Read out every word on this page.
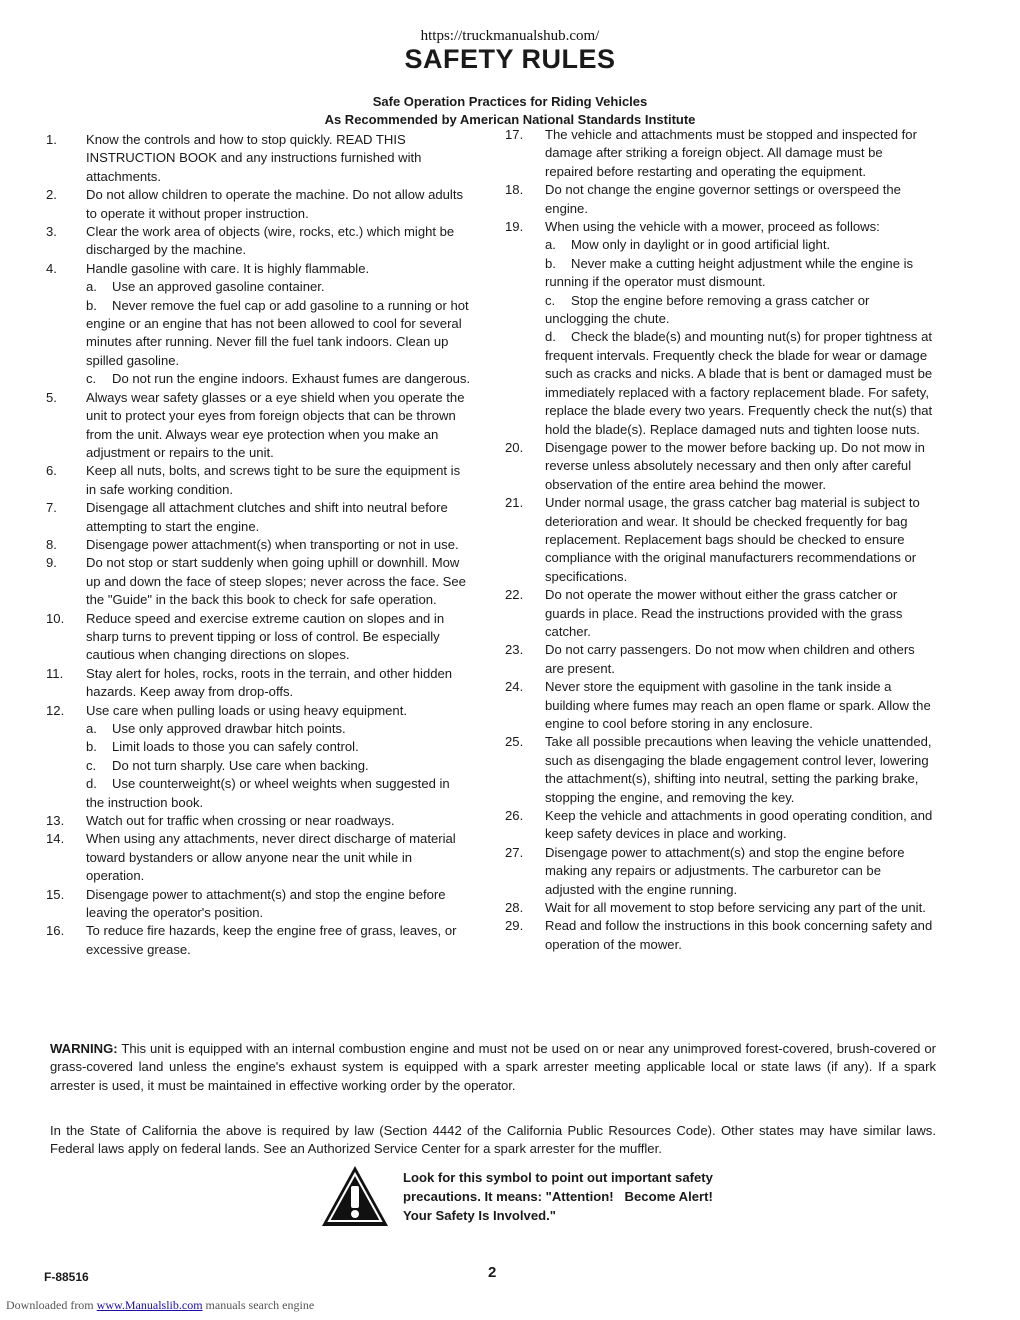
https://truckmanualshub.com/
SAFETY RULES
Safe Operation Practices for Riding Vehicles
As Recommended by American National Standards Institute
1. Know the controls and how to stop quickly. READ THIS INSTRUCTION BOOK and any instructions furnished with attachments.
2. Do not allow children to operate the machine. Do not allow adults to operate it without proper instruction.
3. Clear the work area of objects (wire, rocks, etc.) which might be discharged by the machine.
4. Handle gasoline with care. It is highly flammable.
a. Use an approved gasoline container.
b. Never remove the fuel cap or add gasoline to a running or hot engine or an engine that has not been allowed to cool for several minutes after running. Never fill the fuel tank indoors. Clean up spilled gasoline.
c. Do not run the engine indoors. Exhaust fumes are dangerous.
5. Always wear safety glasses or a eye shield when you operate the unit to protect your eyes from foreign objects that can be thrown from the unit. Always wear eye protection when you make an adjustment or repairs to the unit.
6. Keep all nuts, bolts, and screws tight to be sure the equipment is in safe working condition.
7. Disengage all attachment clutches and shift into neutral before attempting to start the engine.
8. Disengage power attachment(s) when transporting or not in use.
9. Do not stop or start suddenly when going uphill or downhill. Mow up and down the face of steep slopes; never across the face. See the "Guide" in the back this book to check for safe operation.
10. Reduce speed and exercise extreme caution on slopes and in sharp turns to prevent tipping or loss of control. Be especially cautious when changing directions on slopes.
11. Stay alert for holes, rocks, roots in the terrain, and other hidden hazards. Keep away from drop-offs.
12. Use care when pulling loads or using heavy equipment.
a. Use only approved drawbar hitch points.
b. Limit loads to those you can safely control.
c. Do not turn sharply. Use care when backing.
d. Use counterweight(s) or wheel weights when suggested in the instruction book.
13. Watch out for traffic when crossing or near roadways.
14. When using any attachments, never direct discharge of material toward bystanders or allow anyone near the unit while in operation.
15. Disengage power to attachment(s) and stop the engine before leaving the operator's position.
16. To reduce fire hazards, keep the engine free of grass, leaves, or excessive grease.
17. The vehicle and attachments must be stopped and inspected for damage after striking a foreign object. All damage must be repaired before restarting and operating the equipment.
18. Do not change the engine governor settings or overspeed the engine.
19. When using the vehicle with a mower, proceed as follows:
a. Mow only in daylight or in good artificial light.
b. Never make a cutting height adjustment while the engine is running if the operator must dismount.
c. Stop the engine before removing a grass catcher or unclogging the chute.
d. Check the blade(s) and mounting nut(s) for proper tightness at frequent intervals. Frequently check the blade for wear or damage such as cracks and nicks. A blade that is bent or damaged must be immediately replaced with a factory replacement blade. For safety, replace the blade every two years. Frequently check the nut(s) that hold the blade(s). Replace damaged nuts and tighten loose nuts.
20. Disengage power to the mower before backing up. Do not mow in reverse unless absolutely necessary and then only after careful observation of the entire area behind the mower.
21. Under normal usage, the grass catcher bag material is subject to deterioration and wear. It should be checked frequently for bag replacement. Replacement bags should be checked to ensure compliance with the original manufacturers recommendations or specifications.
22. Do not operate the mower without either the grass catcher or guards in place. Read the instructions provided with the grass catcher.
23. Do not carry passengers. Do not mow when children and others are present.
24. Never store the equipment with gasoline in the tank inside a building where fumes may reach an open flame or spark. Allow the engine to cool before storing in any enclosure.
25. Take all possible precautions when leaving the vehicle unattended, such as disengaging the blade engagement control lever, lowering the attachment(s), shifting into neutral, setting the parking brake, stopping the engine, and removing the key.
26. Keep the vehicle and attachments in good operating condition, and keep safety devices in place and working.
27. Disengage power to attachment(s) and stop the engine before making any repairs or adjustments. The carburetor can be adjusted with the engine running.
28. Wait for all movement to stop before servicing any part of the unit.
29. Read and follow the instructions in this book concerning safety and operation of the mower.
WARNING: This unit is equipped with an internal combustion engine and must not be used on or near any unimproved forest-covered, brush-covered or grass-covered land unless the engine's exhaust system is equipped with a spark arrester meeting applicable local or state laws (if any). If a spark arrester is used, it must be maintained in effective working order by the operator.
In the State of California the above is required by law (Section 4442 of the California Public Resources Code). Other states may have similar laws. Federal laws apply on federal lands. See an Authorized Service Center for a spark arrester for the muffler.
Look for this symbol to point out important safety
precautions. It means: "Attention!   Become Alert!
Your Safety Is Involved."
F-88516	2
Downloaded from www.Manualslib.com manuals search engine
